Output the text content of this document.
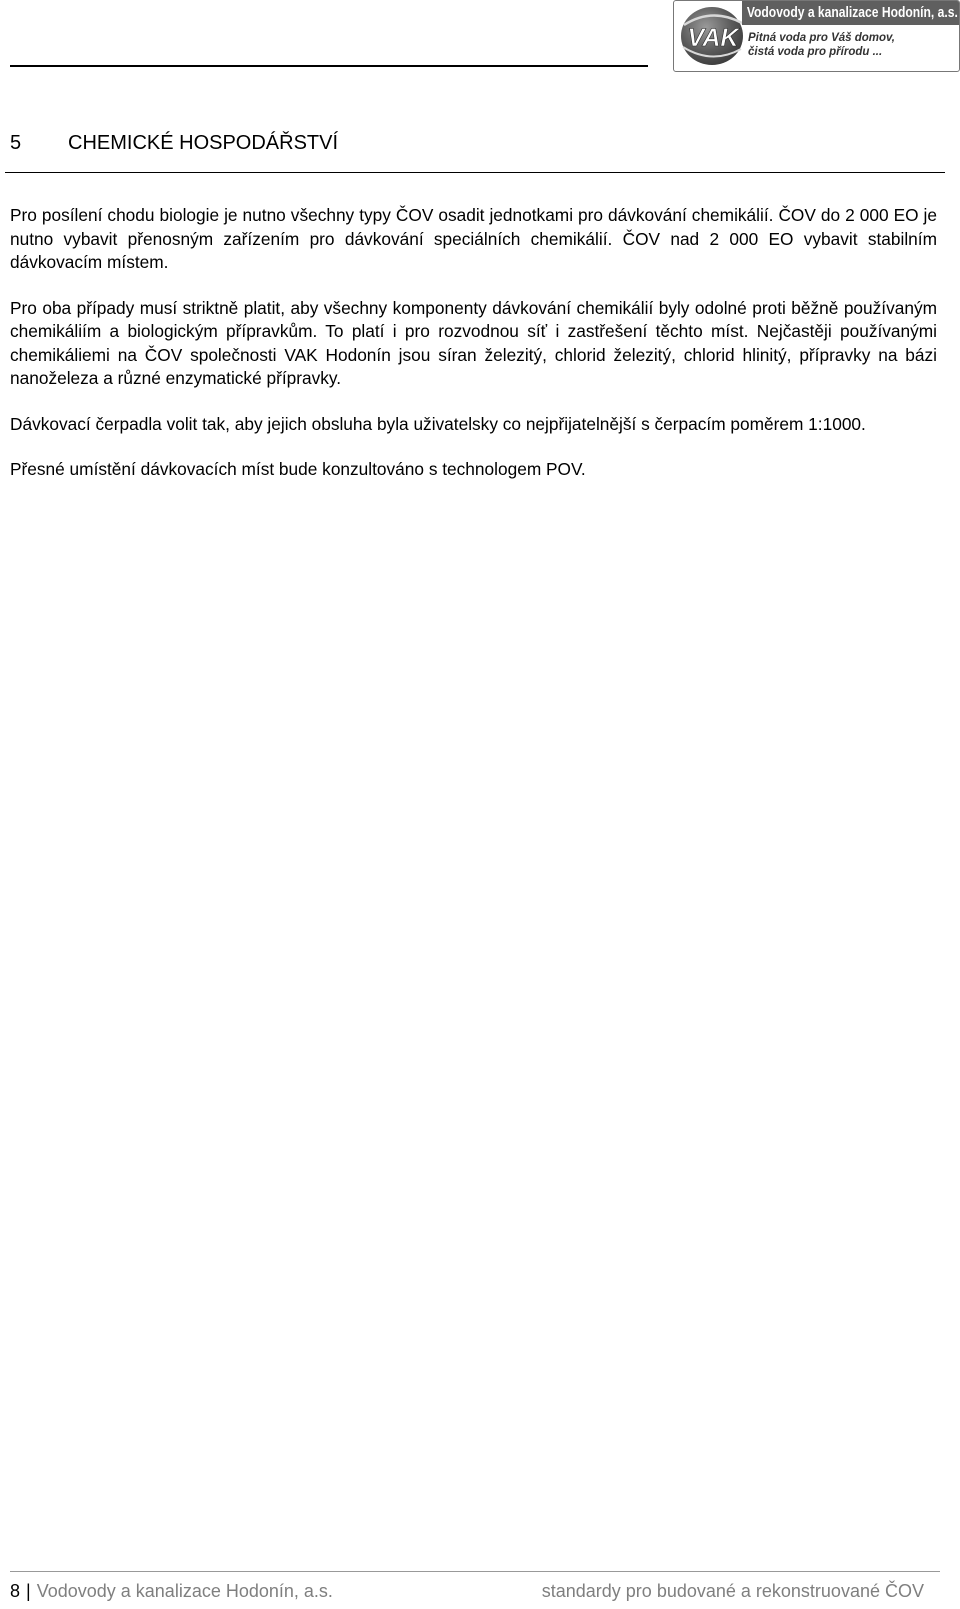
VAK
Vodovody a kanalizace Hodonín, a.s.
Pitná voda pro Váš domov,
čistá voda pro přírodu ...
5 CHEMICKÉ HOSPODÁŘSTVÍ

Pro posílení chodu biologie je nutno všechny typy ČOV osadit jednotkami pro dávkování chemikálií. ČOV do 2 000 EO je nutno vybavit přenosným zařízením pro dávkování speciálních chemikálií. ČOV nad 2 000 EO vybavit stabilním dávkovacím místem.

Pro oba případy musí striktně platit, aby všechny komponenty dávkování chemikálií byly odolné proti běžně používaným chemikáliím a biologickým přípravkům. To platí i pro rozvodnou síť i zastřešení těchto míst. Nejčastěji používanými chemikáliemi na ČOV společnosti VAK Hodonín jsou síran železitý, chlorid železitý, chlorid hlinitý, přípravky na bázi nanoželeza a různé enzymatické přípravky.

Dávkovací čerpadla volit tak, aby jejich obsluha byla uživatelsky co nejpřijatelnější s čerpacím poměrem 1:1000.

Přesné umístění dávkovacích míst bude konzultováno s technologem POV.

8 | Vodovody a kanalizace Hodonín, a.s.	standardy pro budované a rekonstruované ČOV
